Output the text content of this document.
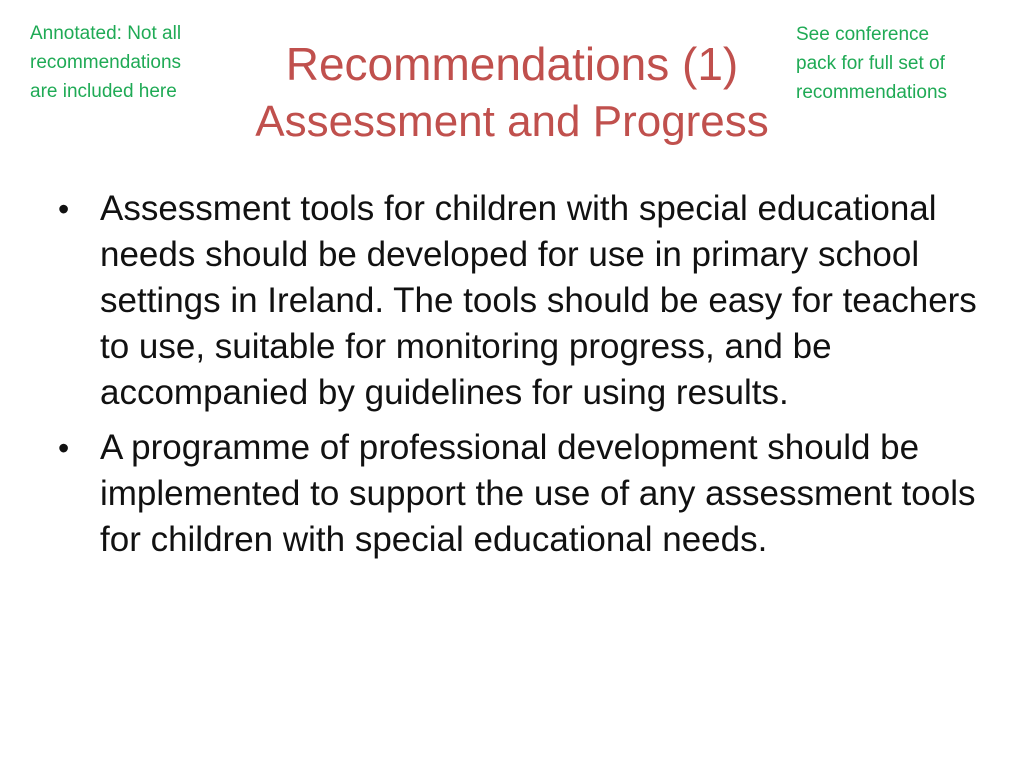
Annotated: Not all
recommendations
are included here
See conference
pack for full set of
recommendations
Recommendations (1)
Assessment and Progress
• Assessment tools for children with special educational needs should be developed for use in primary school settings in Ireland. The tools should be easy for teachers to use, suitable for monitoring progress, and be accompanied by guidelines for using results.
• A programme of professional development should be implemented to support the use of any assessment tools for children with special educational needs.
